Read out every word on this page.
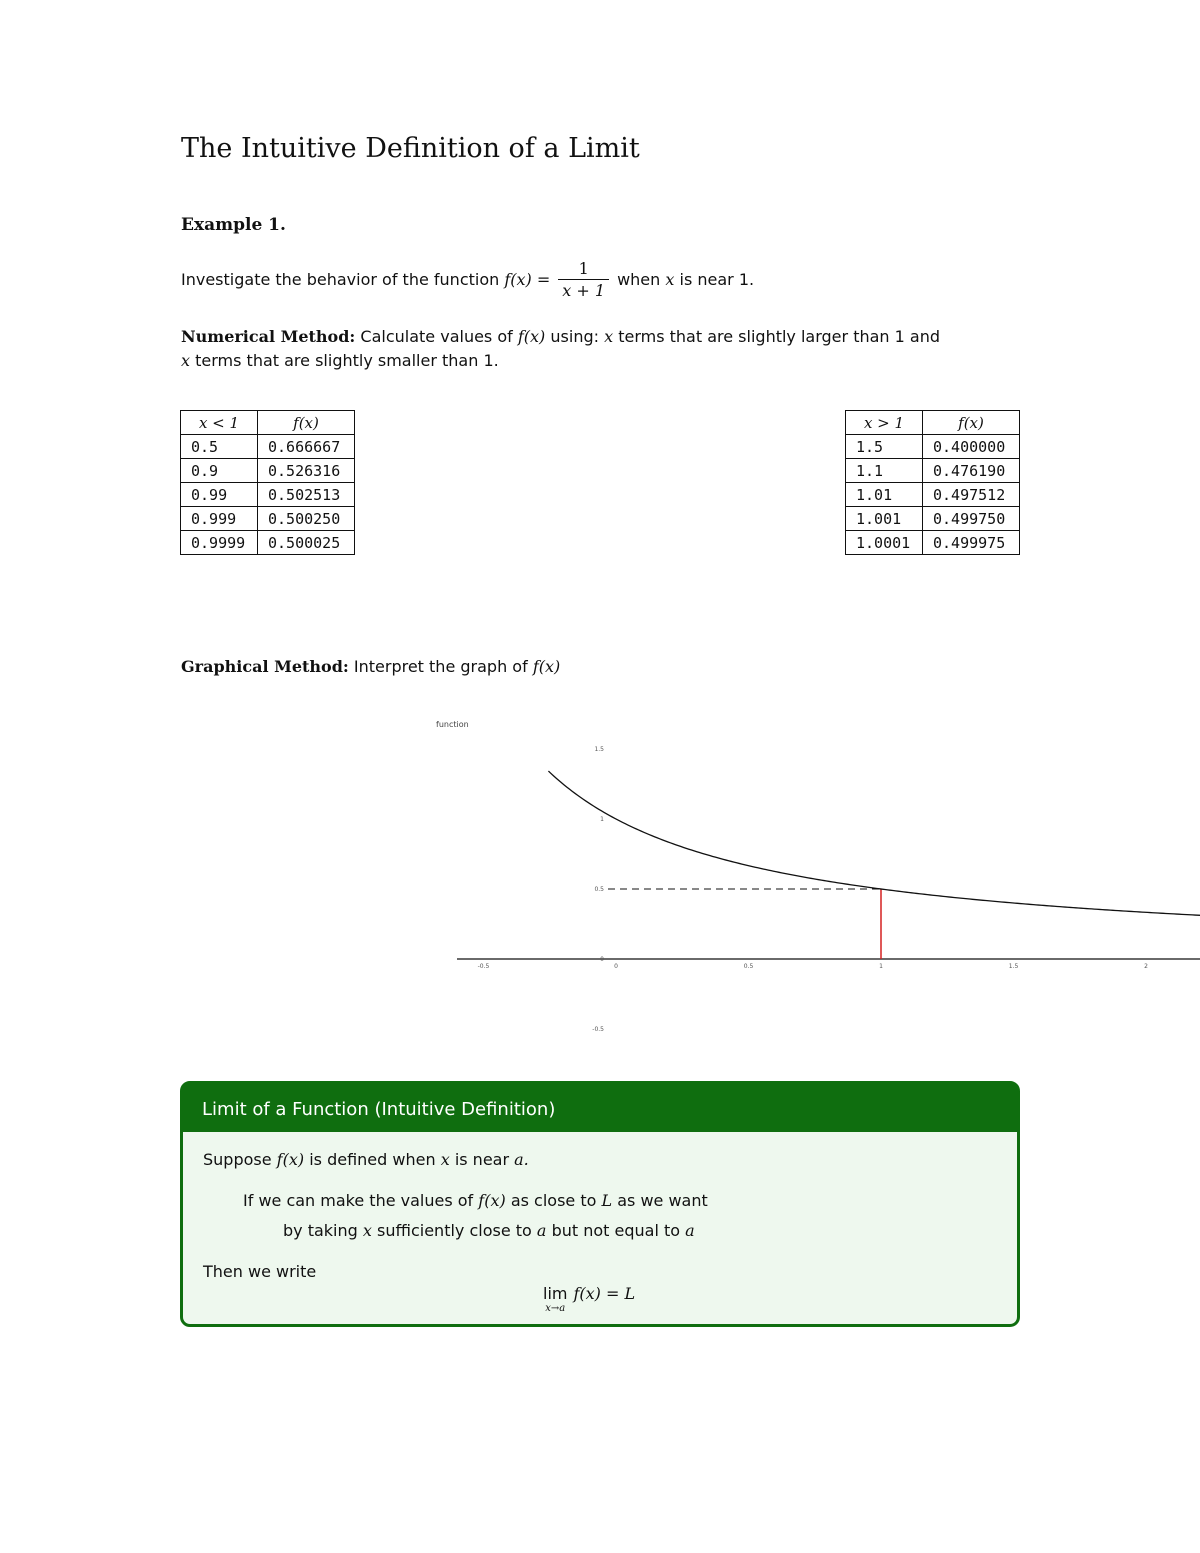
The Intuitive Definition of a Limit
Example 1.
Investigate the behavior of the function
$f(x) = \frac{1}{x + 1}$ when
x
is near 1.
Numerical Method: Calculate values of f(x) using: x terms that are slightly larger than 1 and
x terms that are slightly smaller than 1.
x < 1	f(x)
0.5	0.666667
0.9	0.526316
0.99	0.502513
0.999	0.500250
0.9999	0.500025
x > 1	f(x)
1.5	0.400000
1.1	0.476190
1.01	0.497512
1.001	0.499750
1.0001	0.499975
Graphical Method: Interpret the graph of f(x)
-0.5	0	0.5	1	1.5	2
1.5
1
0.5
0
-0.5
function
Limit of a Function (Intuitive Definition)
Suppose f(x) is defined when x is near a.
If we can make the values of f(x) as close to L as we want
by taking x sufficiently close to a but not equal to a
Then we write
lim
x→a
f(x) = L
